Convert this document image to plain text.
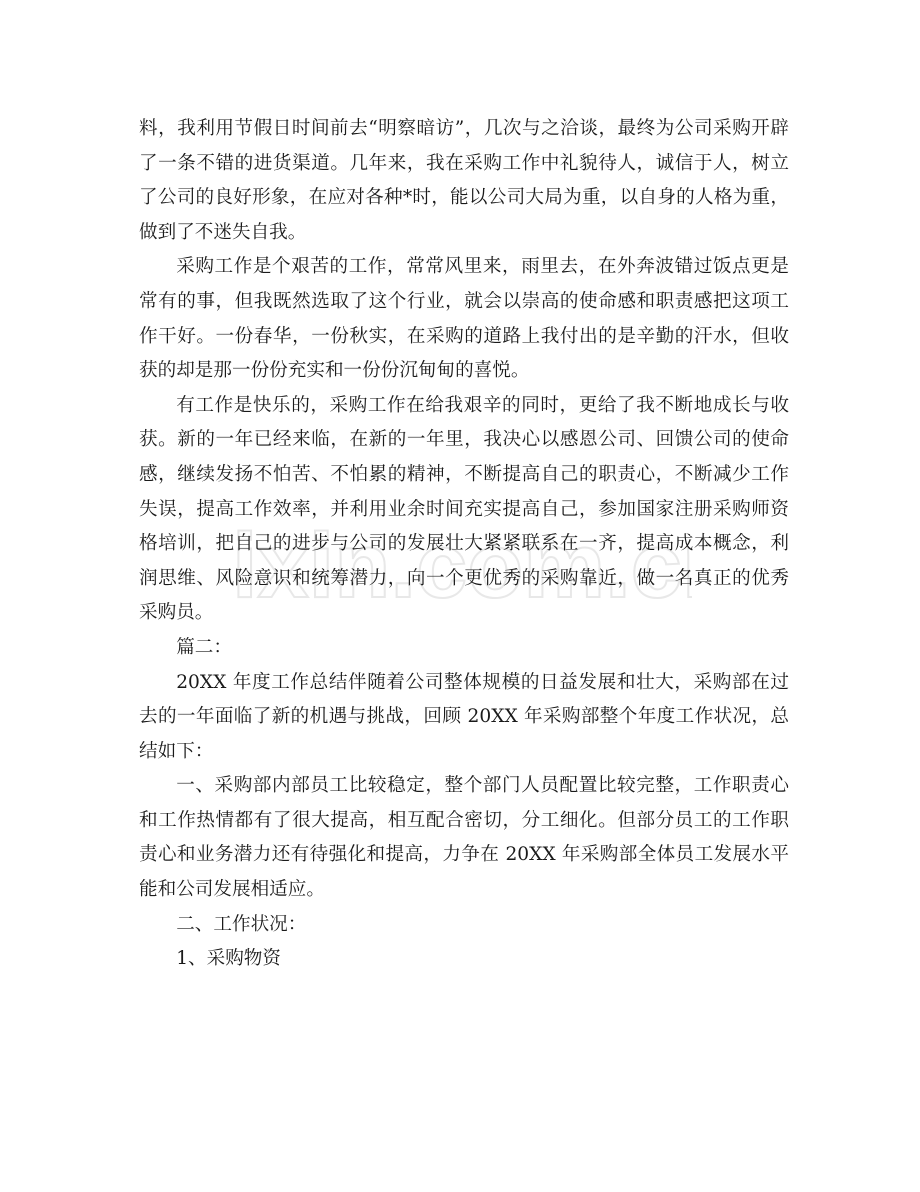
ixin.com.c

料，我利用节假日时间前去“明察暗访”，几次与之洽谈，最终为公司采购开辟了一条不错的进货渠道。几年来，我在采购工作中礼貌待人，诚信于人，树立了公司的良好形象，在应对各种*时，能以公司大局为重，以自身的人格为重，做到了不迷失自我。

采购工作是个艰苦的工作，常常风里来，雨里去，在外奔波错过饭点更是常有的事，但我既然选取了这个行业，就会以崇高的使命感和职责感把这项工作干好。一份春华，一份秋实，在采购的道路上我付出的是辛勤的汗水，但收获的却是那一份份充实和一份份沉甸甸的喜悦。

有工作是快乐的，采购工作在给我艰辛的同时，更给了我不断地成长与收获。新的一年已经来临，在新的一年里，我决心以感恩公司、回馈公司的使命感，继续发扬不怕苦、不怕累的精神，不断提高自己的职责心，不断减少工作失误，提高工作效率，并利用业余时间充实提高自己，参加国家注册采购师资格培训，把自己的进步与公司的发展壮大紧紧联系在一齐，提高成本概念，利润思维、风险意识和统筹潜力，向一个更优秀的采购靠近，做一名真正的优秀采购员。

篇二：

20XX 年度工作总结伴随着公司整体规模的日益发展和壮大，采购部在过去的一年面临了新的机遇与挑战，回顾 20XX 年采购部整个年度工作状况，总结如下：

一、采购部内部员工比较稳定，整个部门人员配置比较完整，工作职责心和工作热情都有了很大提高，相互配合密切，分工细化。但部分员工的工作职责心和业务潜力还有待强化和提高，力争在 20XX 年采购部全体员工发展水平能和公司发展相适应。

二、工作状况：

1、采购物资
